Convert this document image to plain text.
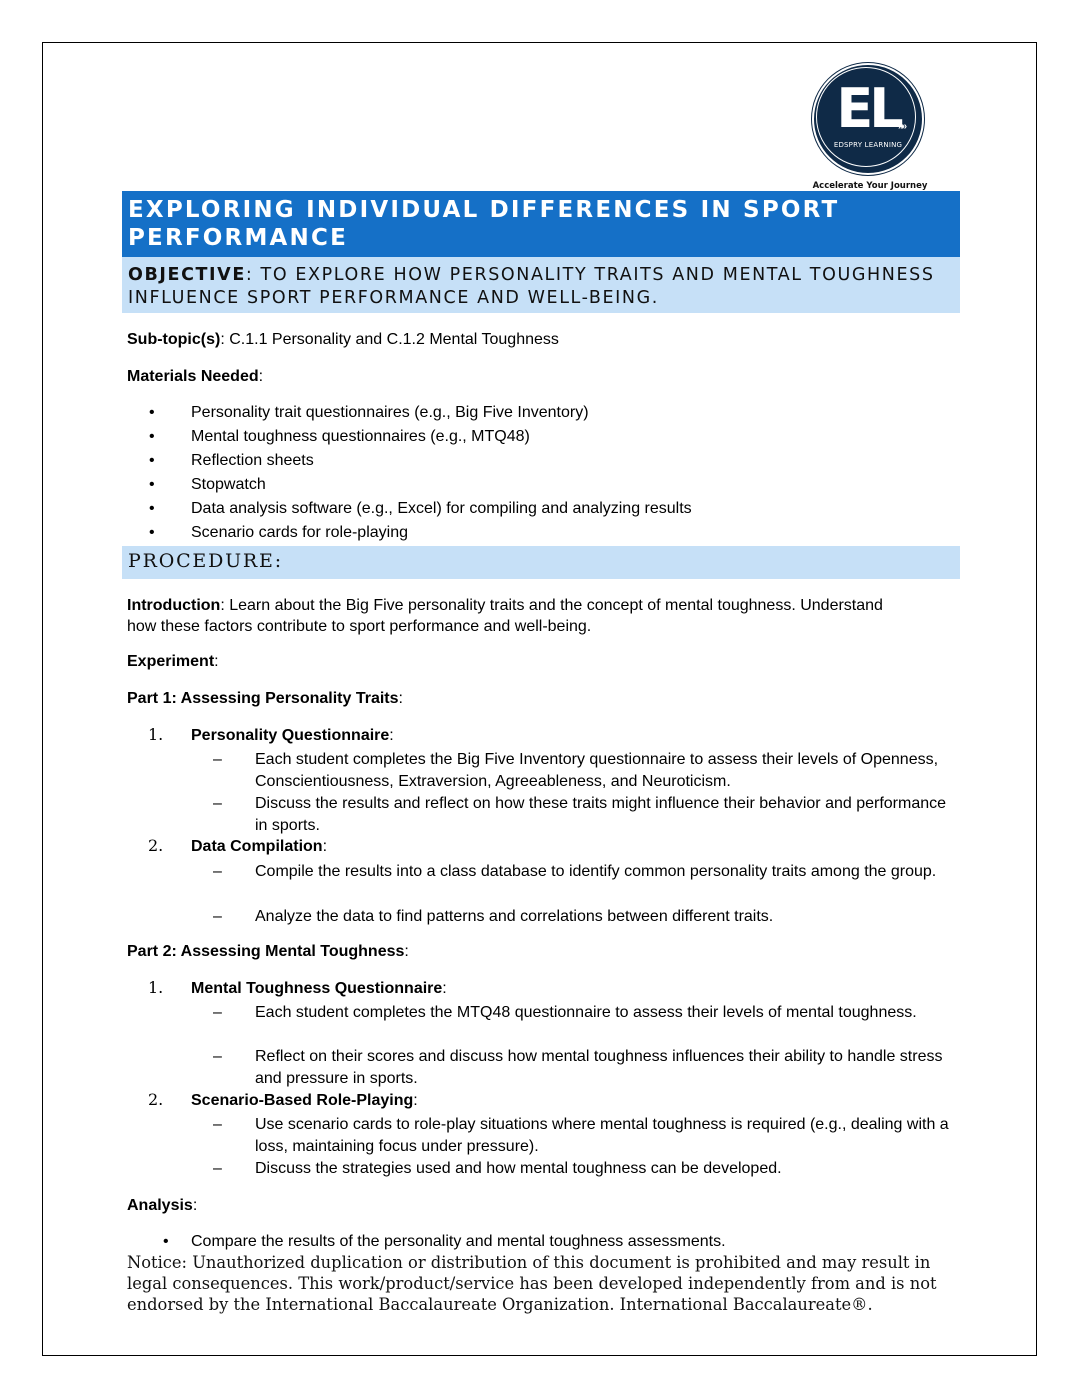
EL
»»
EDSPRY LEARNING
Accelerate Your Journey
EXPLORING INDIVIDUAL DIFFERENCES IN SPORT PERFORMANCE
OBJECTIVE: TO EXPLORE HOW PERSONALITY TRAITS AND MENTAL TOUGHNESS INFLUENCE SPORT PERFORMANCE AND WELL-BEING.
Sub-topic(s): C.1.1 Personality and C.1.2 Mental Toughness
Materials Needed:
• Personality trait questionnaires (e.g., Big Five Inventory)
• Mental toughness questionnaires (e.g., MTQ48)
• Reflection sheets
• Stopwatch
• Data analysis software (e.g., Excel) for compiling and analyzing results
• Scenario cards for role-playing
PROCEDURE:
Introduction: Learn about the Big Five personality traits and the concept of mental toughness. Understand how these factors contribute to sport performance and well-being.
Experiment:
Part 1: Assessing Personality Traits:
1. Personality Questionnaire:
– Each student completes the Big Five Inventory questionnaire to assess their levels of Openness, Conscientiousness, Extraversion, Agreeableness, and Neuroticism.
– Discuss the results and reflect on how these traits might influence their behavior and performance in sports.
2. Data Compilation:
– Compile the results into a class database to identify common personality traits among the group.
– Analyze the data to find patterns and correlations between different traits.
Part 2: Assessing Mental Toughness:
1. Mental Toughness Questionnaire:
– Each student completes the MTQ48 questionnaire to assess their levels of mental toughness.
– Reflect on their scores and discuss how mental toughness influences their ability to handle stress and pressure in sports.
2. Scenario-Based Role-Playing:
– Use scenario cards to role-play situations where mental toughness is required (e.g., dealing with a loss, maintaining focus under pressure).
– Discuss the strategies used and how mental toughness can be developed.
Analysis:
• Compare the results of the personality and mental toughness assessments.
Notice: Unauthorized duplication or distribution of this document is prohibited and may result in legal consequences. This work/product/service has been developed independently from and is not endorsed by the International Baccalaureate Organization. International Baccalaureate®.
